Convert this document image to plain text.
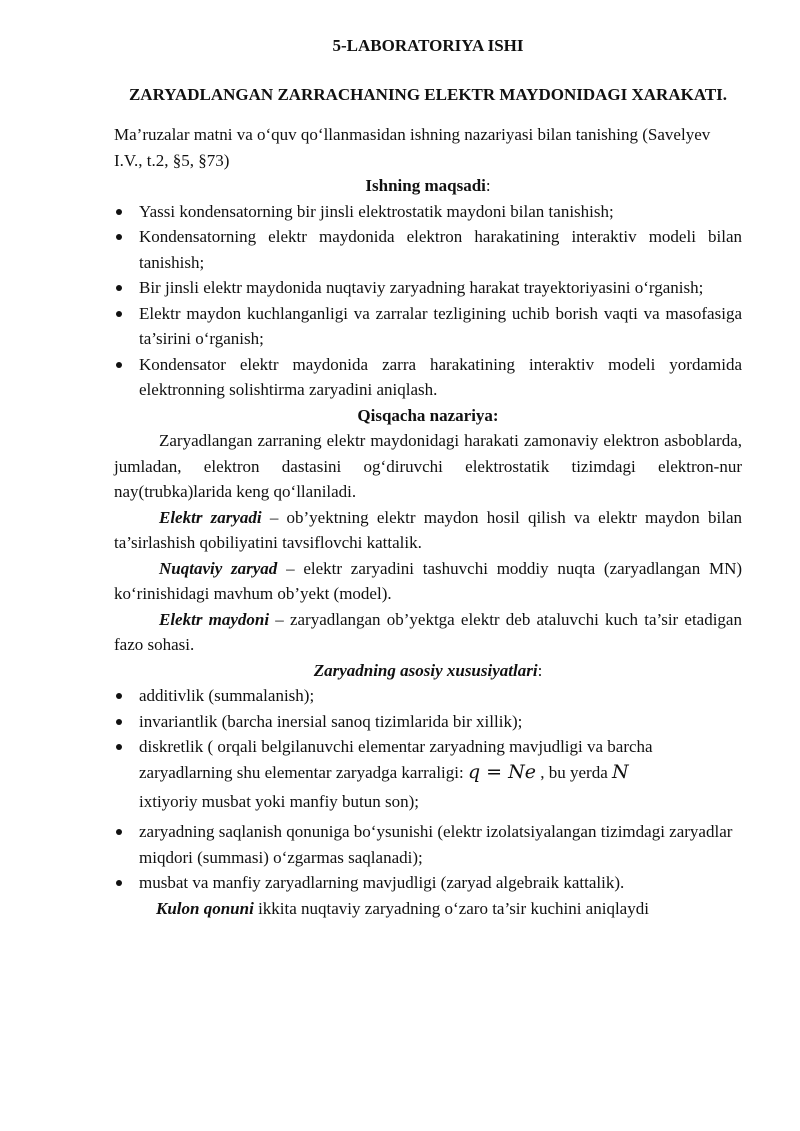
5-LABORATORIYA ISHI
ZARYADLANGAN ZARRACHANING ELEKTR MAYDONIDAGI XARAKATI.

Ma’ruzalar matni va o‘quv qo‘llanmasidan ishning nazariyasi bilan tanishing (Savelyev I.V., t.2, §5, §73)

Ishning maqsadi:

Yassi kondensatorning bir jinsli elektrostatik maydoni bilan tanishish;
Kondensatorning elektr maydonida elektron harakatining interaktiv modeli bilan tanishish;
Bir jinsli elektr maydonida nuqtaviy zaryadning harakat trayektoriyasini o‘rganish;
Elektr maydon kuchlanganligi va zarralar tezligining uchib borish vaqti va masofasiga ta’sirini o‘rganish;
Kondensator elektr maydonida zarra harakatining interaktiv modeli yordamida elektronning solishtirma zaryadini aniqlash.

Qisqacha nazariya:

Zaryadlangan zarraning elektr maydonidagi harakati zamonaviy elektron asboblarda, jumladan, elektron dastasini og‘diruvchi elektrostatik tizimdagi elektron-nur nay(trubka)larida keng qo‘llaniladi.

Elektr zaryadi – ob’yektning elektr maydon hosil qilish va elektr maydon bilan ta’sirlashish qobiliyatini tavsiflovchi kattalik.

Nuqtaviy zaryad – elektr zaryadini tashuvchi moddiy nuqta (zaryadlangan MN) ko‘rinishidagi mavhum ob’yekt (model).

Elektr maydoni – zaryadlangan ob’yektga elektr deb ataluvchi kuch ta’sir etadigan fazo sohasi.

Zaryadning asosiy xususiyatlari:

additivlik (summalanish);
invariantlik (barcha inersial sanoq tizimlarida bir xillik);
diskretlik ( orqali belgilanuvchi elementar zaryadning mavjudligi va barcha zaryadlarning shu elementar zaryadga karraligi: q = Ne , bu yerda N
ixtiyoriy musbat yoki manfiy butun son);
zaryadning saqlanish qonuniga bo‘ysunishi (elektr izolatsiyalangan tizimdagi zaryadlar miqdori (summasi) o‘zgarmas saqlanadi);
musbat va manfiy zaryadlarning mavjudligi (zaryad algebraik kattalik).

Kulon qonuni ikkita nuqtaviy zaryadning o‘zaro ta’sir kuchini aniqlaydi
